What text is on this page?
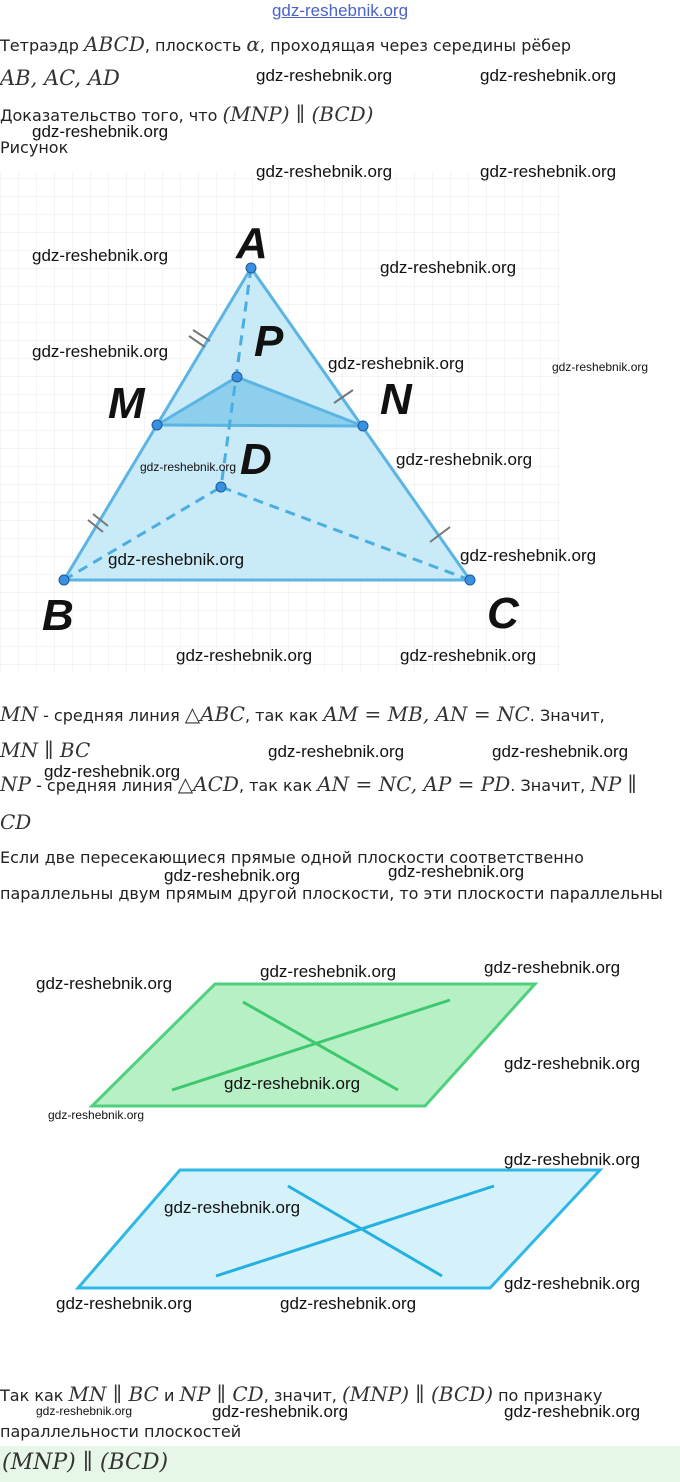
gdz-reshebnik.org
Тетраэдр ABCD, плоскость α, проходящая через середины рёбер
AB, AC, AD
Доказательство того, что (MNP) ∥ (BCD)
Рисунок
A
P
M	N
D
B	C
MN - средняя линия △ABC, так как AM = MB, AN = NC. Значит,
MN ∥ BC
NP - средняя линия △ACD, так как AN = NC, AP = PD. Значит, NP ∥
CD
Если две пересекающиеся прямые одной плоскости соответственно
параллельны двум прямым другой плоскости, то эти плоскости параллельны
Так как MN ∥ BC и NP ∥ CD, значит, (MNP) ∥ (BCD) по признаку
параллельности плоскостей
(MNP) ∥ (BCD)
gdz-reshebnik.org	gdz-reshebnik.org
gdz-reshebnik.org
gdz-reshebnik.org	gdz-reshebnik.org
gdz-reshebnik.org
gdz-reshebnik.org
gdz-reshebnik.org
gdz-reshebnik.org	gdz-reshebnik.org
gdz-reshebnik.org	gdz-reshebnik.org
gdz-reshebnik.org
gdz-reshebnik.org
gdz-reshebnik.org	gdz-reshebnik.org
gdz-reshebnik.org	gdz-reshebnik.org
gdz-reshebnik.org
gdz-reshebnik.org	gdz-reshebnik.org
gdz-reshebnik.org	gdz-reshebnik.org
gdz-reshebnik.org
gdz-reshebnik.org
gdz-reshebnik.org
gdz-reshebnik.org
gdz-reshebnik.org
gdz-reshebnik.org
gdz-reshebnik.org
gdz-reshebnik.org	gdz-reshebnik.org
gdz-reshebnik.org	gdz-reshebnik.org
gdz-reshebnik.org
